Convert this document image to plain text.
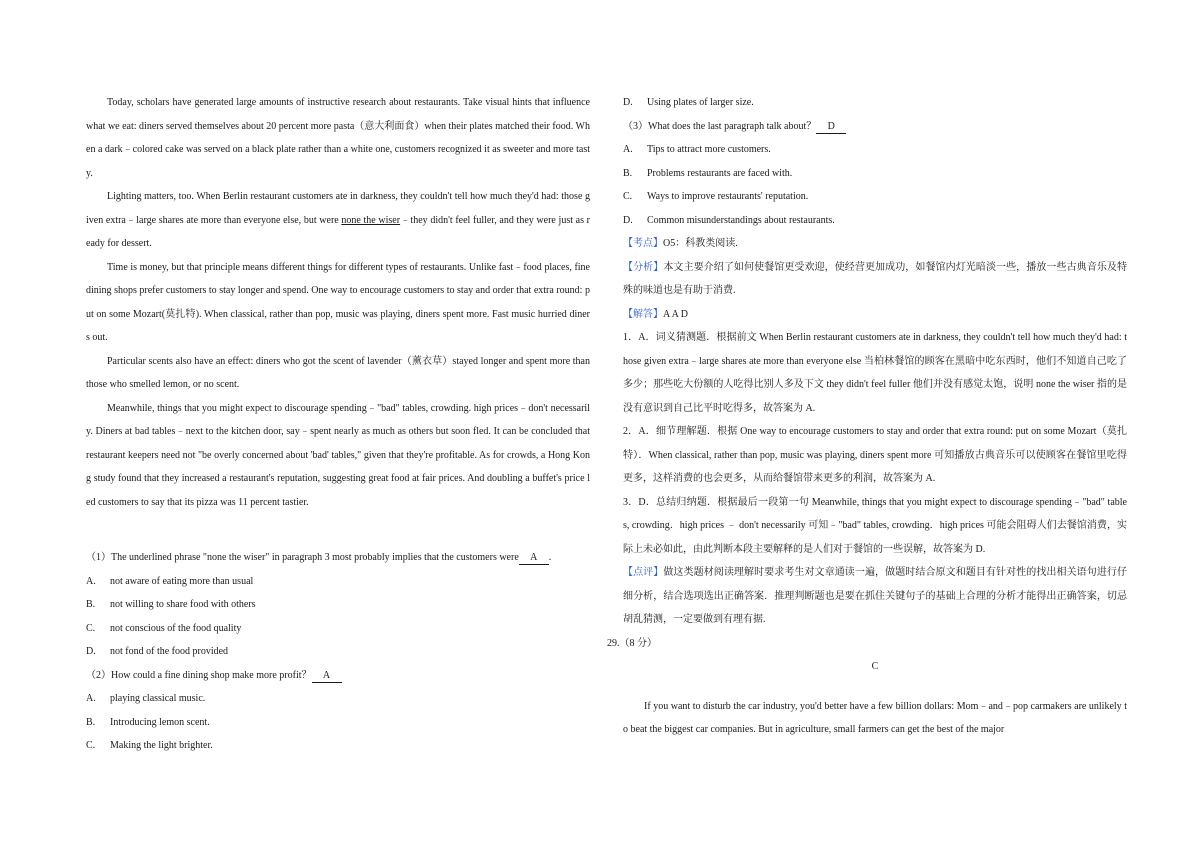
Today, scholars have generated large amounts of instructive research about restaurants. Take visual hints that influence what we eat: diners served themselves about 20 percent more pasta（意大利面食）when their plates matched their food. When a dark﹣colored cake was served on a black plate rather than a white one, customers recognized it as sweeter and more tasty.

Lighting matters, too. When Berlin restaurant customers ate in darkness, they couldn't tell how much they'd had: those given extra﹣large shares ate more than everyone else, but were none the wiser﹣they didn't feel fuller, and they were just as ready for dessert.

Time is money, but that principle means different things for different types of restaurants. Unlike fast﹣food places, fine dining shops prefer customers to stay longer and spend. One way to encourage customers to stay and order that extra round: put on some Mozart(莫扎特). When classical, rather than pop, music was playing, diners spent more. Fast music hurried diners out.

Particular scents also have an effect: diners who got the scent of lavender（薰衣草）stayed longer and spent more than those who smelled lemon, or no scent.

Meanwhile, things that you might expect to discourage spending﹣"bad" tables, crowding. high prices﹣don't necessarily. Diners at bad tables﹣next to the kitchen door, say﹣spent nearly as much as others but soon fled. It can be concluded that restaurant keepers need not "be overly concerned about 'bad' tables," given that they're profitable. As for crowds, a Hong Kong study found that they increased a restaurant's reputation, suggesting great food at fair prices. And doubling a buffet's price led customers to say that its pizza was 11 percent tastier.

（1）The underlined phrase "none the wiser" in paragraph 3 most probably implies that the customers were A .

A. not aware of eating more than usual

B. not willing to share food with others

C. not conscious of the food quality

D. not fond of the food provided

（2）How could a fine dining shop make more profit？ A

A. playing classical music.

B. Introducing lemon scent.

C. Making the light brighter.

D. Using plates of larger size.

（3）What does the last paragraph talk about？ D

A. Tips to attract more customers.

B. Problems restaurants are faced with.

C. Ways to improve restaurants' reputation.

D. Common misunderstandings about restaurants.

【考点】O5：科教类阅读.

【分析】本文主要介绍了如何使餐馆更受欢迎，使经营更加成功，如餐馆内灯光暗淡一些，播放一些古典音乐及特殊的味道也是有助于消费.

【解答】A A D

1．A．词义猜测题．根据前文 When Berlin restaurant customers ate in darkness, they couldn't tell how much they'd had: those given extra﹣large shares ate more than everyone else 当柏林餐馆的顾客在黑暗中吃东西时，他们不知道自己吃了多少；那些吃大份额的人吃得比别人多及下文 they didn't feel fuller 他们并没有感觉太饱，说明 none the wiser 指的是没有意识到自己比平时吃得多，故答案为 A.

2．A．细节理解题．根据 One way to encourage customers to stay and order that extra round: put on some Mozart（莫扎特）．When classical, rather than pop, music was playing, diners spent more 可知播放古典音乐可以使顾客在餐馆里吃得更多，这样消费的也会更多，从而给餐馆带来更多的利润，故答案为 A.

3．D．总结归纳题．根据最后一段第一句 Meanwhile, things that you might expect to discourage spending﹣"bad" tables, crowding．high prices ﹣ don't necessarily 可知﹣"bad" tables, crowding．high prices 可能会阻碍人们去餐馆消费，实际上未必如此，由此判断本段主要解释的是人们对于餐馆的一些误解，故答案为 D.

【点评】做这类题材阅读理解时要求考生对文章通读一遍，做题时结合原文和题目有针对性的找出相关语句进行仔细分析，结合选项选出正确答案．推理判断题也是要在抓住关键句子的基础上合理的分析才能得出正确答案，切忌胡乱猜测，一定要做到有理有据.

29.（8 分）

C

If you want to disturb the car industry, you'd better have a few billion dollars: Mom﹣and﹣pop carmakers are unlikely to beat the biggest car companies. But in agriculture, small farmers can get the best of the major
